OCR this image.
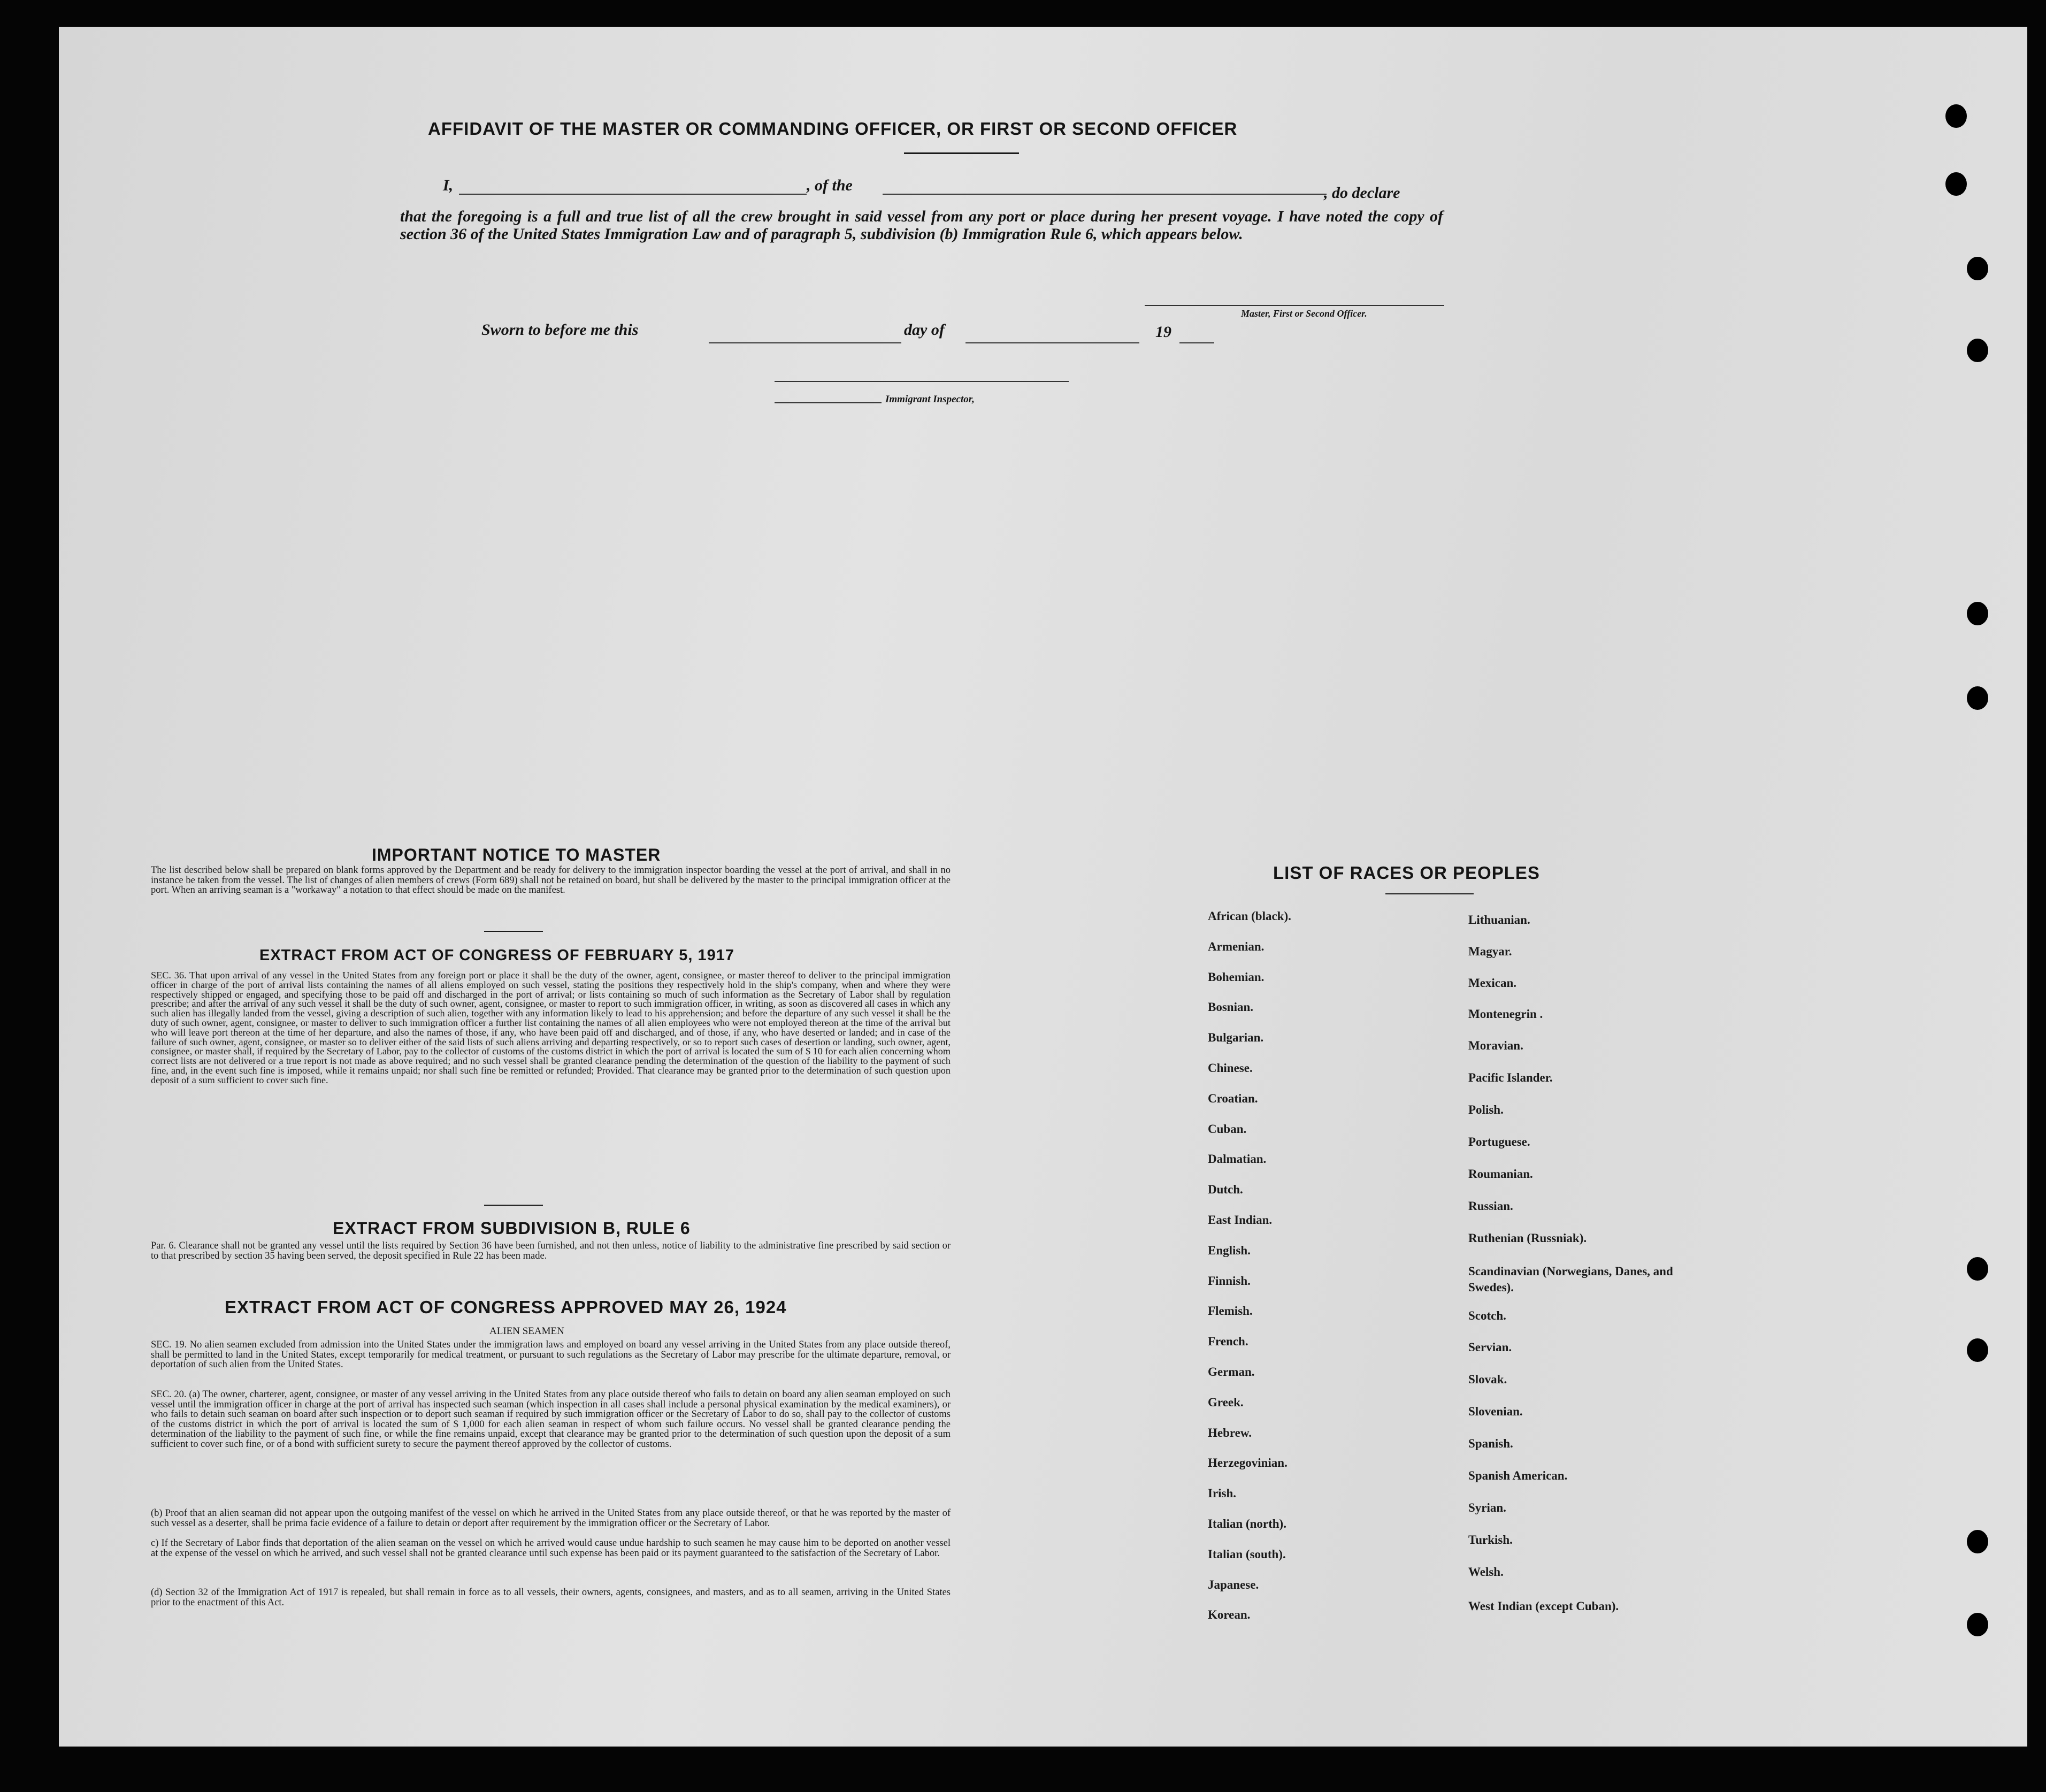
AFFIDAVIT OF THE MASTER OR COMMANDING OFFICER, OR FIRST OR SECOND OFFICER
I,	, of the	, do declare
that the foregoing is a full and true list of all the crew brought in said vessel from any port or place during her present voyage. I have noted the copy of section 36 of the United States Immigration Law and of paragraph 5, subdivision (b) Immigration Rule 6, which appears below.
Master, First or Second Officer.
Sworn to before me this	day of	19
Immigrant Inspector,
IMPORTANT NOTICE TO MASTER
The list described below shall be prepared on blank forms approved by the Department and be ready for delivery to the immigration inspector boarding the vessel at the port of arrival, and shall in no instance be taken from the vessel. The list of changes of alien members of crews (Form 689) shall not be retained on board, but shall be delivered by the master to the principal immigration officer at the port. When an arriving seaman is a "workaway" a notation to that effect should be made on the manifest.
EXTRACT FROM ACT OF CONGRESS OF FEBRUARY 5, 1917
SEC. 36. That upon arrival of any vessel in the United States from any foreign port or place it shall be the duty of the owner, agent, consignee, or master thereof to deliver to the principal immigration officer in charge of the port of arrival lists containing the names of all aliens employed on such vessel, stating the positions they respectively hold in the ship's company, when and where they were respectively shipped or engaged, and specifying those to be paid off and discharged in the port of arrival; or lists containing so much of such information as the Secretary of Labor shall by regulation prescribe; and after the arrival of any such vessel it shall be the duty of such owner, agent, consignee, or master to report to such immigration officer, in writing, as soon as discovered all cases in which any such alien has illegally landed from the vessel, giving a description of such alien, together with any information likely to lead to his apprehension; and before the departure of any such vessel it shall be the duty of such owner, agent, consignee, or master to deliver to such immigration officer a further list containing the names of all alien employees who were not employed thereon at the time of the arrival but who will leave port thereon at the time of her departure, and also the names of those, if any, who have been paid off and discharged, and of those, if any, who have deserted or landed; and in case of the failure of such owner, agent, consignee, or master so to deliver either of the said lists of such aliens arriving and departing respectively, or so to report such cases of desertion or landing, such owner, agent, consignee, or master shall, if required by the Secretary of Labor, pay to the collector of customs of the customs district in which the port of arrival is located the sum of $ 10 for each alien concerning whom correct lists are not delivered or a true report is not made as above required; and no such vessel shall be granted clearance pending the determination of the question of the liability to the payment of such fine, and, in the event such fine is imposed, while it remains unpaid; nor shall such fine be remitted or refunded; Provided. That clearance may be granted prior to the determination of such question upon deposit of a sum sufficient to cover such fine.
EXTRACT FROM SUBDIVISION B, RULE 6
Par. 6. Clearance shall not be granted any vessel until the lists required by Section 36 have been furnished, and not then unless, notice of liability to the administrative fine prescribed by said section or to that prescribed by section 35 having been served, the deposit specified in Rule 22 has been made.
EXTRACT FROM ACT OF CONGRESS APPROVED MAY 26, 1924
ALIEN SEAMEN
SEC. 19. No alien seamen excluded from admission into the United States under the immigration laws and employed on board any vessel arriving in the United States from any place outside thereof, shall be permitted to land in the United States, except temporarily for medical treatment, or pursuant to such regulations as the Secretary of Labor may prescribe for the ultimate departure, removal, or deportation of such alien from the United States.
SEC. 20. (a) The owner, charterer, agent, consignee, or master of any vessel arriving in the United States from any place outside thereof who fails to detain on board any alien seaman employed on such vessel until the immigration officer in charge at the port of arrival has inspected such seaman (which inspection in all cases shall include a personal physical examination by the medical examiners), or who fails to detain such seaman on board after such inspection or to deport such seaman if required by such immigration officer or the Secretary of Labor to do so, shall pay to the collector of customs of the customs district in which the port of arrival is located the sum of $ 1,000 for each alien seaman in respect of whom such failure occurs. No vessel shall be granted clearance pending the determination of the liability to the payment of such fine, or while the fine remains unpaid, except that clearance may be granted prior to the determination of such question upon the deposit of a sum sufficient to cover such fine, or of a bond with sufficient surety to secure the payment thereof approved by the collector of customs.
(b) Proof that an alien seaman did not appear upon the outgoing manifest of the vessel on which he arrived in the United States from any place outside thereof, or that he was reported by the master of such vessel as a deserter, shall be prima facie evidence of a failure to detain or deport after requirement by the immigration officer or the Secretary of Labor.
c) If the Secretary of Labor finds that deportation of the alien seaman on the vessel on which he arrived would cause undue hardship to such seamen he may cause him to be deported on another vessel at the expense of the vessel on which he arrived, and such vessel shall not be granted clearance until such expense has been paid or its payment guaranteed to the satisfaction of the Secretary of Labor.
(d) Section 32 of the Immigration Act of 1917 is repealed, but shall remain in force as to all vessels, their owners, agents, consignees, and masters, and as to all seamen, arriving in the United States prior to the enactment of this Act.
LIST OF RACES OR PEOPLES
African (black).
Armenian.
Bohemian.
Bosnian.
Bulgarian.
Chinese.
Croatian.
Cuban.
Dalmatian.
Dutch.
East Indian.
English.
Finnish.
Flemish.
French.
German.
Greek.
Hebrew.
Herzegovinian.
Irish.
Italian (north).
Italian (south).
Japanese.
Korean.
Lithuanian.
Magyar.
Mexican.
Montenegrin .
Moravian.
Pacific Islander.
Polish.
Portuguese.
Roumanian.
Russian.
Ruthenian (Russniak).
Scandinavian (Norwegians, Danes, and Swedes).
Scotch.
Servian.
Slovak.
Slovenian.
Spanish.
Spanish American.
Syrian.
Turkish.
Welsh.
West Indian (except Cuban).
